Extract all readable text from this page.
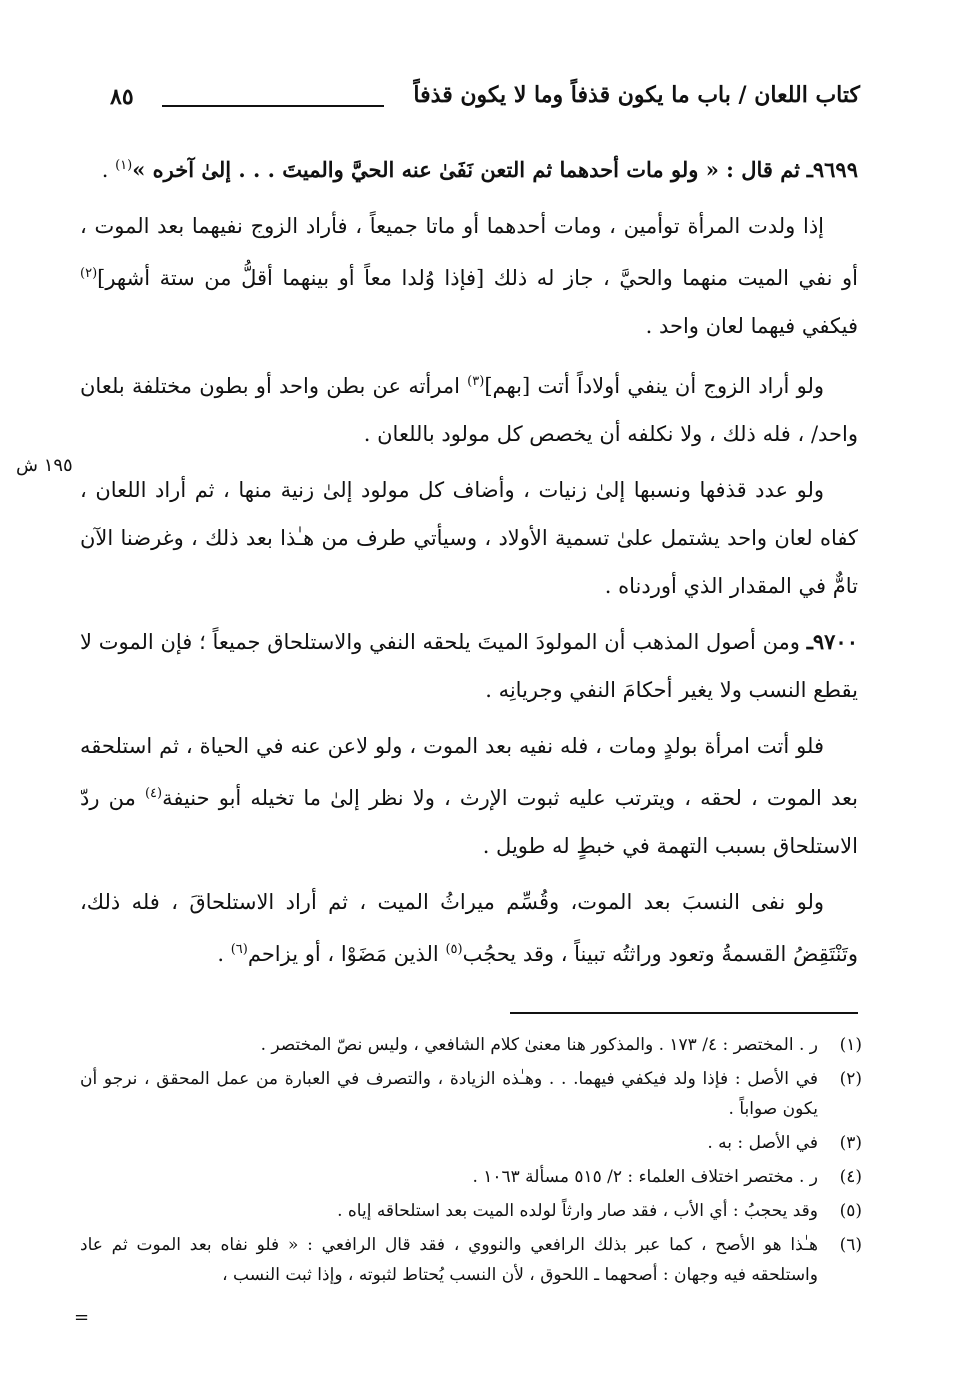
كتاب اللعان / باب ما يكون قذفاً وما لا يكون قذفاً
٨٥
١٩٥ ش

٩٦٩٩ـ ثم قال : « ولو مات أحدهما ثم التعن نَفَىٰ عنه الحيَّ والميتَ . . . إلىٰ آخره »$^{(١)}$ .

إذا ولدت المرأة توأمين ، ومات أحدهما أو ماتا جميعاً ، فأراد الزوج نفيهما بعد الموت ، أو نفي الميت منهما والحيَّ ، جاز له ذلك [فإذا وُلدا معاً أو بينهما أقلُّ من ستة أشهر]$^{(٢)}$ فيكفي فيهما لعان واحد .

ولو أراد الزوج أن ينفي أولاداً أتت [بهم]$^{(٣)}$ امرأته عن بطن واحد أو بطون مختلفة بلعان واحد/ ، فله ذلك ، ولا نكلفه أن يخصص كل مولود باللعان .

ولو عدد قذفها ونسبها إلىٰ زنيات ، وأضاف كل مولود إلىٰ زنية منها ، ثم أراد اللعان ، كفاه لعان واحد يشتمل علىٰ تسمية الأولاد ، وسيأتي طرف من هـٰذا بعد ذلك ، وغرضنا الآن تامٌّ في المقدار الذي أوردناه .

٩٧٠٠ـ ومن أصول المذهب أن المولودَ الميتَ يلحقه النفي والاستلحاق جميعاً ؛ فإن الموت لا يقطع النسب ولا يغير أحكامَ النفي وجريانِه .

فلو أتت امرأة بولدٍ ومات ، فله نفيه بعد الموت ، ولو لاعن عنه في الحياة ، ثم استلحقه بعد الموت ، لحقه ، ويترتب عليه ثبوت الإرث ، ولا نظر إلىٰ ما تخيله أبو حنيفة$^{(٤)}$ من ردّ الاستلحاق بسبب التهمة في خبطٍ له طويل .

ولو نفى النسبَ بعد الموت، وقُسِّم ميراثُ الميت ، ثم أراد الاستلحاقَ ، فله ذلك، وتَنْتَقِضُ القسمةُ وتعود وراثتُه تبيناً ، وقد يحجُب$^{(٥)}$ الذين مَضَوْا ، أو يزاحم$^{(٦)}$ .

(١)
ر . المختصر : ٤/ ١٧٣ . والمذكور هنا معنىٰ كلام الشافعي ، وليس نصّ المختصر .
(٢)
في الأصل : فإذا ولد فيكفي فيهما. . . وهـٰذه الزيادة ، والتصرف في العبارة من عمل المحقق ، نرجو أن يكون صواباً .
(٣)
في الأصل : به .
(٤)
ر . مختصر اختلاف العلماء : ٢/ ٥١٥ مسألة ١٠٦٣ .
(٥)
وقد يحجبُ : أي الأب ، فقد صار وارثاً لولده الميت بعد استلحاقه إياه .
(٦)
هـٰذا هو الأصح ، كما عبر بذلك الرافعي والنووي ، فقد قال الرافعي : « فلو نفاه بعد الموت ثم عاد واستلحقه فيه وجهان : أصحهما ـ اللحوق ، لأن النسب يُحتاط لثبوته ، وإذا ثبت النسب ،
=
